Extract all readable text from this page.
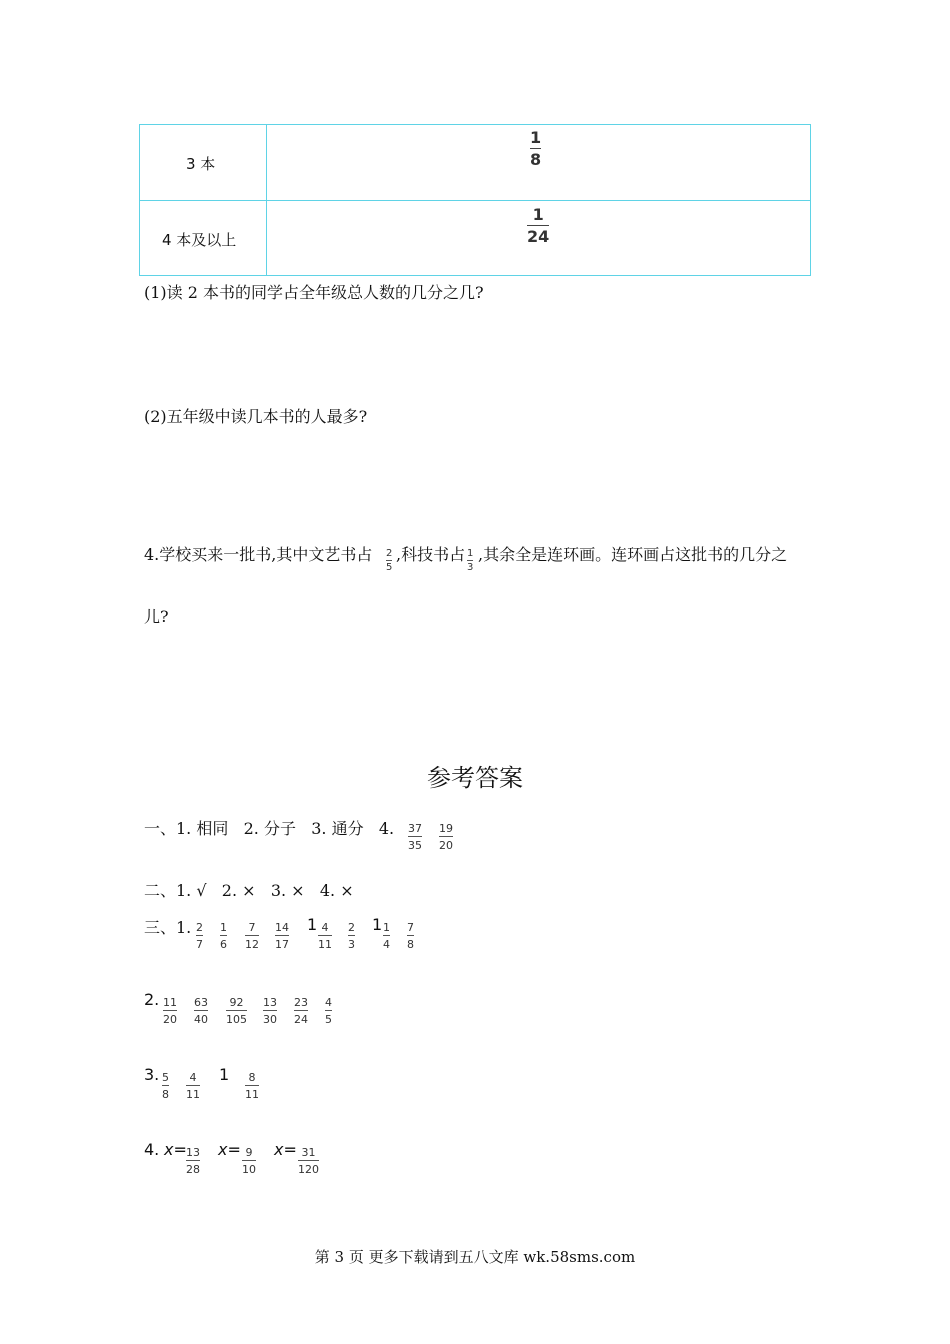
3 本
1
8
4 本及以上
1
24
(1)读 2 本书的同学占全年级总人数的几分之几?
(2)五年级中读几本书的人最多?
4.学校买来一批书,其中文艺书占 2
5
,科技书占 1
3
,其余全是连环画。连环画占这批书的几分之
儿?
参考答案
一、1. 相同   2. 分子   3. 通分   4. 37
35
19
20
二、1. √   2. ×   3. ×   4. ×
三、1. 2
7
1
6
7
12
14
17
1 4
11
2
3
1 1
4
7
8
2. 11
20
63
40
92
105
13
30
23
24
4
5
3. 5
8
4
11
1 8
11
4. x= 13
28
x= 9
10
x= 31
120
第 3 页 更多下载请到五八文库 wk.58sms.com
